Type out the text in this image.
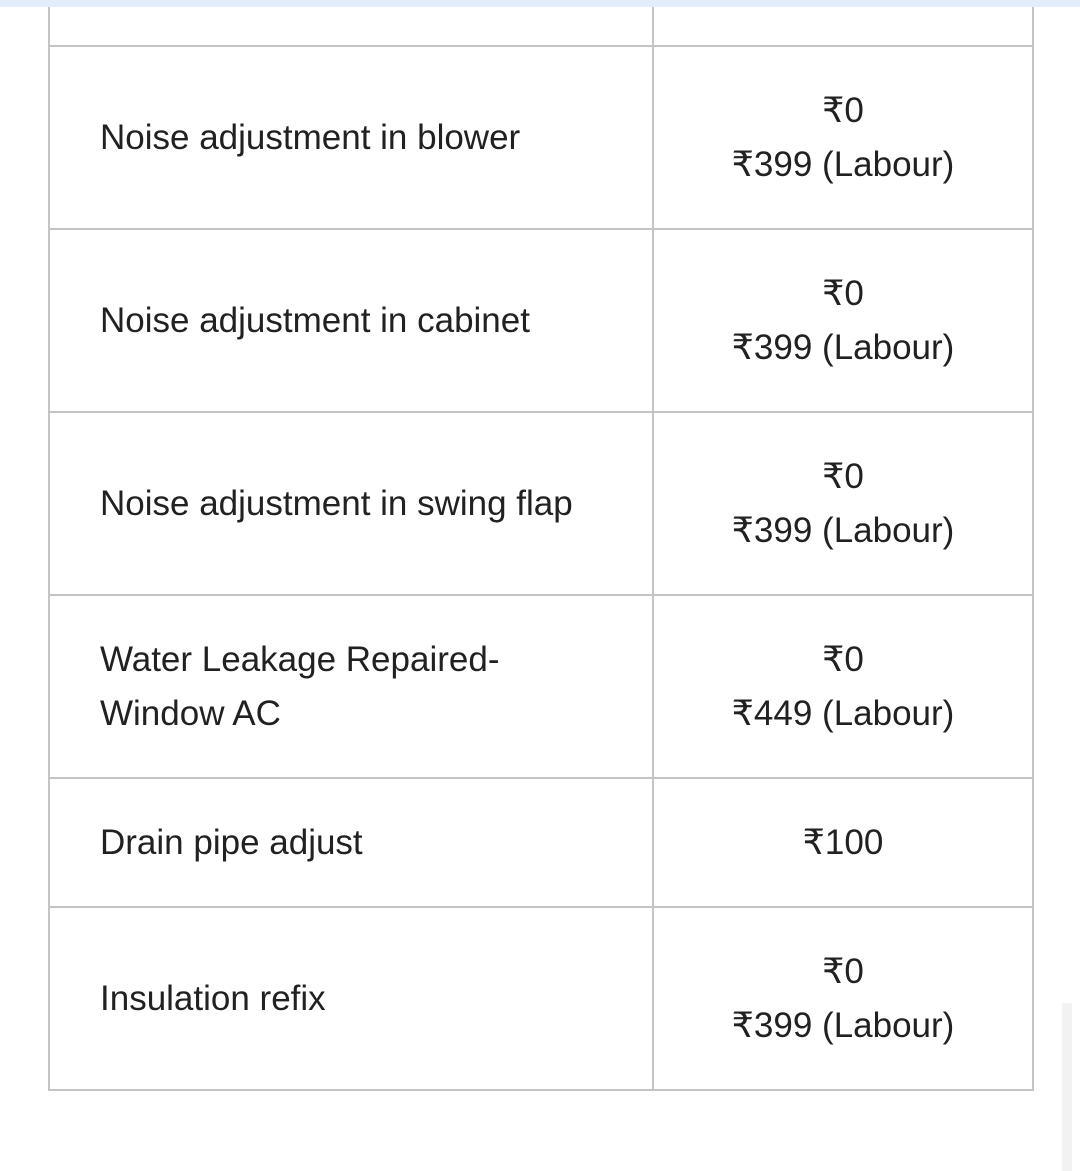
Noise adjustment in blower	₹0
₹399 (Labour)

Noise adjustment in cabinet	₹0
₹399 (Labour)

Noise adjustment in swing flap	₹0
₹399 (Labour)

Water Leakage Repaired-Window AC	₹0
₹449 (Labour)

Drain pipe adjust	₹100

Insulation refix	₹0
₹399 (Labour)
